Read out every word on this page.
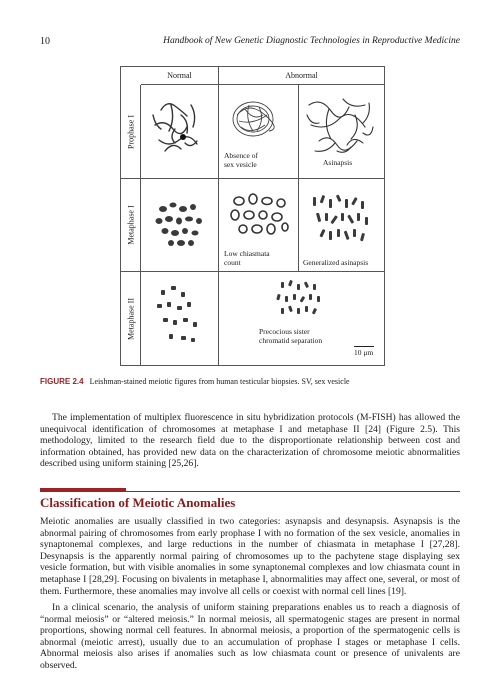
10	Handbook of New Genetic Diagnostic Technologies in Reproductive Medicine
Normal	Abnormal
Prophase I
Metaphase I
Metaphase II
Absence of
sex vesicle	Asinapsis
Low chiasmata
count	Generalized asinapsis
Precocious sister
chromatid separation
10 μm
FIGURE 2.4 Leishman-stained meiotic figures from human testicular biopsies. SV, sex vesicle

The implementation of multiplex fluorescence in situ hybridization protocols (M-FISH) has allowed the unequivocal identification of chromosomes at metaphase I and metaphase II [24] (Figure 2.5). This methodology, limited to the research field due to the disproportionate relationship between cost and information obtained, has provided new data on the characterization of chromosome meiotic abnormalities described using uniform staining [25,26].

Classification of Meiotic Anomalies

Meiotic anomalies are usually classified in two categories: asynapsis and desynapsis. Asynapsis is the abnormal pairing of chromosomes from early prophase I with no formation of the sex vesicle, anomalies in synaptonemal complexes, and large reductions in the number of chiasmata in metaphase I [27,28]. Desynapsis is the apparently normal pairing of chromosomes up to the pachytene stage displaying sex vesicle formation, but with visible anomalies in some synaptonemal complexes and low chiasmata count in metaphase I [28,29]. Focusing on bivalents in metaphase I, abnormalities may affect one, several, or most of them. Furthermore, these anomalies may involve all cells or coexist with normal cell lines [19].

In a clinical scenario, the analysis of uniform staining preparations enables us to reach a diagnosis of “normal meiosis” or “altered meiosis.” In normal meiosis, all spermatogenic stages are present in normal proportions, showing normal cell features. In abnormal meiosis, a proportion of the spermatogenic cells is abnormal (meiotic arrest), usually due to an accumulation of prophase I stages or metaphase I cells. Abnormal meiosis also arises if anomalies such as low chiasmata count or presence of univalents are observed.
